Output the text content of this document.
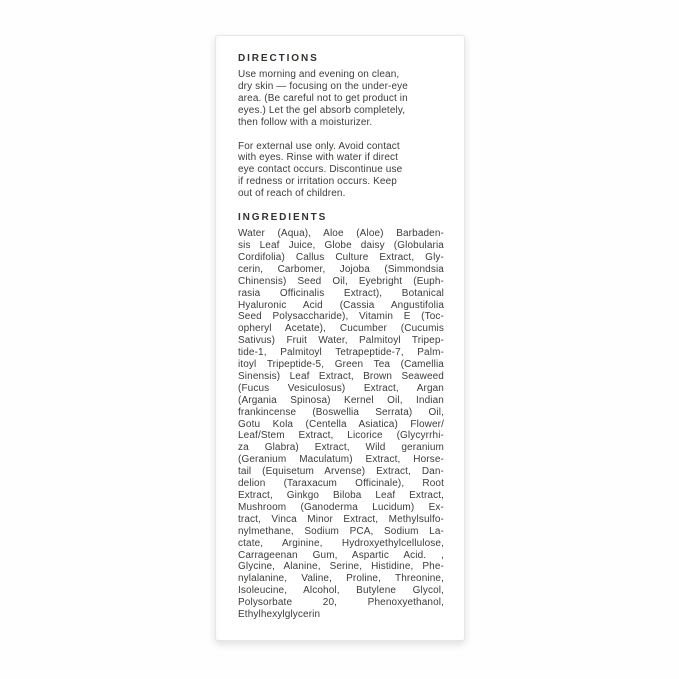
DIRECTIONS
Use morning and evening on clean,
dry skin — focusing on the under-eye
area. (Be careful not to get product in
eyes.) Let the gel absorb completely,
then follow with a moisturizer.
For external use only. Avoid contact
with eyes. Rinse with water if direct
eye contact occurs. Discontinue use
if redness or irritation occurs. Keep
out of reach of children.
INGREDIENTS
Water (Aqua), Aloe (Aloe) Barbaden-
sis Leaf Juice, Globe daisy (Globularia
Cordifolia) Callus Culture Extract, Gly-
cerin, Carbomer, Jojoba (Simmondsia
Chinensis) Seed Oil, Eyebright (Euph-
rasia Officinalis Extract), Botanical
Hyaluronic Acid (Cassia Angustifolia
Seed Polysaccharide), Vitamin E (Toc-
opheryl Acetate), Cucumber (Cucumis
Sativus) Fruit Water, Palmitoyl Tripep-
tide-1, Palmitoyl Tetrapeptide-7, Palm-
itoyl Tripeptide-5, Green Tea (Camellia
Sinensis) Leaf Extract, Brown Seaweed
(Fucus Vesiculosus) Extract, Argan
(Argania Spinosa) Kernel Oil, Indian
frankincense (Boswellia Serrata) Oil,
Gotu Kola (Centella Asiatica) Flower/
Leaf/Stem Extract, Licorice (Glycyrrhi-
za Glabra) Extract, Wild geranium
(Geranium Maculatum) Extract, Horse-
tail (Equisetum Arvense) Extract, Dan-
delion (Taraxacum Officinale), Root
Extract, Ginkgo Biloba Leaf Extract,
Mushroom (Ganoderma Lucidum) Ex-
tract, Vinca Minor Extract, Methylsulfo-
nylmethane, Sodium PCA, Sodium La-
ctate, Arginine, Hydroxyethylcellulose,
Carrageenan Gum, Aspartic Acid. ,
Glycine, Alanine, Serine, Histidine, Phe-
nylalanine, Valine, Proline, Threonine,
Isoleucine, Alcohol, Butylene Glycol,
Polysorbate 20, Phenoxyethanol,
Ethylhexylglycerin
